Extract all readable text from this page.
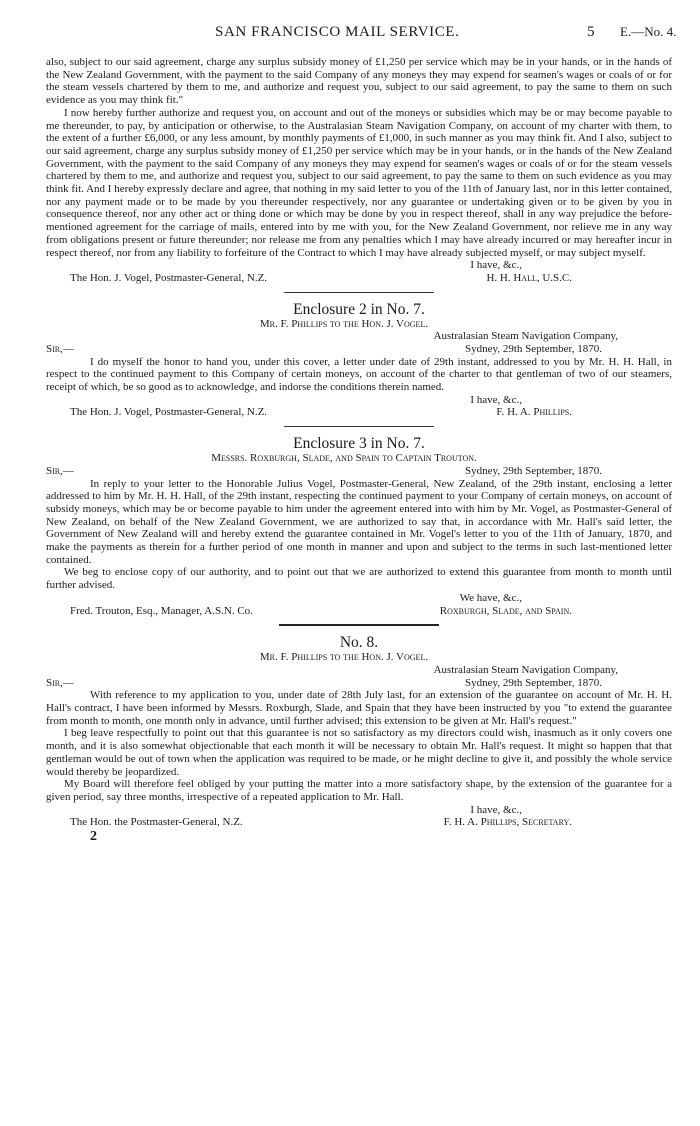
SAN FRANCISCO MAIL SERVICE.	5 E.—No. 4.

also, subject to our said agreement, charge any surplus subsidy money of £1,250 per service which may be in your hands, or in the hands of the New Zealand Government, with the payment to the said Company of any moneys they may expend for seamen's wages or coals of or for the steam vessels chartered by them to me, and authorize and request you, subject to our said agreement, to pay the same to them on such evidence as you may think fit."

I now hereby further authorize and request you, on account and out of the moneys or subsidies which may be or may become payable to me thereunder, to pay, by anticipation or otherwise, to the Australasian Steam Navigation Company, on account of my charter with them, to the extent of a further £6,000, or any less amount, by monthly payments of £1,000, in such manner as you may think fit. And I also, subject to our said agreement, charge any surplus subsidy money of £1,250 per service which may be in your hands, or in the hands of the New Zealand Government, with the payment to the said Company of any moneys they may expend for seamen's wages or coals of or for the steam vessels chartered by them to me, and authorize and request you, subject to our said agreement, to pay the same to them on such evidence as you may think fit. And I hereby expressly declare and agree, that nothing in my said letter to you of the 11th of January last, nor in this letter contained, nor any payment made or to be made by you thereunder respectively, nor any guarantee or undertaking given or to be given by you in consequence thereof, nor any other act or thing done or which may be done by you in respect thereof, shall in any way prejudice the before-mentioned agreement for the carriage of mails, entered into by me with you, for the New Zealand Government, nor relieve me in any way from obligations present or future thereunder; nor release me from any penalties which I may have already incurred or may hereafter incur in respect thereof, nor from any liability to forfeiture of the Contract to which I may have already subjected myself, or may subject myself.

I have, &c.,
The Hon. J. Vogel, Postmaster-General, N.Z.	H. H. Hall, U.S.C.
Enclosure 2 in No. 7.
Mr. F. Phillips to the Hon. J. Vogel.
Australasian Steam Navigation Company,
Sir,—	Sydney, 29th September, 1870.

I do myself the honor to hand you, under this cover, a letter under date of 29th instant, addressed to you by Mr. H. H. Hall, in respect to the continued payment to this Company of certain moneys, on account of the charter to that gentleman of two of our steamers, receipt of which, be so good as to acknowledge, and indorse the conditions therein named.

I have, &c.,
The Hon. J. Vogel, Postmaster-General, N.Z.	F. H. A. Phillips.
Enclosure 3 in No. 7.
Messrs. Roxburgh, Slade, and Spain to Captain Trouton.
Sir,—	Sydney, 29th September, 1870.

In reply to your letter to the Honorable Julius Vogel, Postmaster-General, New Zealand, of the 29th instant, enclosing a letter addressed to him by Mr. H. H. Hall, of the 29th instant, respecting the continued payment to your Company of certain moneys, on account of subsidy moneys, which may be or become payable to him under the agreement entered into with him by Mr. Vogel, as Postmaster-General of New Zealand, on behalf of the New Zealand Government, we are authorized to say that, in accordance with Mr. Hall's said letter, the Government of New Zealand will and hereby extend the guarantee contained in Mr. Vogel's letter to you of the 11th of January, 1870, and make the payments as therein for a further period of one month in manner and upon and subject to the terms in such last-mentioned letter contained.

We beg to enclose copy of our authority, and to point out that we are authorized to extend this guarantee from month to month until further advised.

We have, &c.,
Fred. Trouton, Esq., Manager, A.S.N. Co.	Roxburgh, Slade, and Spain.
No. 8.
Mr. F. Phillips to the Hon. J. Vogel.
Australasian Steam Navigation Company,
Sir,—	Sydney, 29th September, 1870.

With reference to my application to you, under date of 28th July last, for an extension of the guarantee on account of Mr. H. H. Hall's contract, I have been informed by Messrs. Roxburgh, Slade, and Spain that they have been instructed by you "to extend the guarantee from month to month, one month only in advance, until further advised; this extension to be given at Mr. Hall's request."

I beg leave respectfully to point out that this guarantee is not so satisfactory as my directors could wish, inasmuch as it only covers one month, and it is also somewhat objectionable that each month it will be necessary to obtain Mr. Hall's request. It might so happen that that gentleman would be out of town when the application was required to be made, or he might decline to give it, and possibly the whole service would thereby be jeopardized.

My Board will therefore feel obliged by your putting the matter into a more satisfactory shape, by the extension of the guarantee for a given period, say three months, irrespective of a repeated application to Mr. Hall.

I have, &c.,
The Hon. the Postmaster-General, N.Z.	F. H. A. Phillips, Secretary.
2
